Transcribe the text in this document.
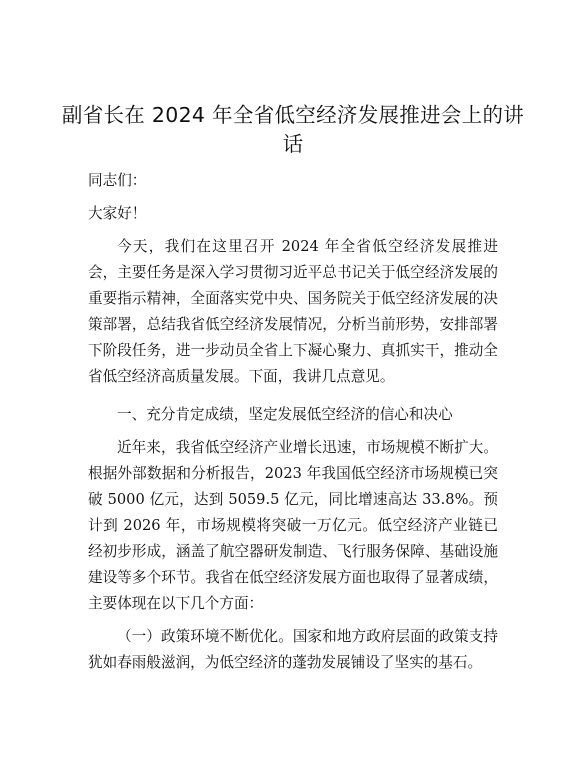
副省长在 2024 年全省低空经济发展推进会上的讲话

同志们：

大家好！

今天，我们在这里召开 2024 年全省低空经济发展推进会，主要任务是深入学习贯彻习近平总书记关于低空经济发展的重要指示精神，全面落实党中央、国务院关于低空经济发展的决策部署，总结我省低空经济发展情况，分析当前形势，安排部署下阶段任务，进一步动员全省上下凝心聚力、真抓实干，推动全省低空经济高质量发展。下面，我讲几点意见。

一、充分肯定成绩，坚定发展低空经济的信心和决心

近年来，我省低空经济产业增长迅速，市场规模不断扩大。根据外部数据和分析报告，2023 年我国低空经济市场规模已突破 5000 亿元，达到 5059.5 亿元，同比增速高达 33.8%。预计到 2026 年，市场规模将突破一万亿元。低空经济产业链已经初步形成，涵盖了航空器研发制造、飞行服务保障、基础设施建设等多个环节。我省在低空经济发展方面也取得了显著成绩，主要体现在以下几个方面：

（一）政策环境不断优化。国家和地方政府层面的政策支持犹如春雨般滋润，为低空经济的蓬勃发展铺设了坚实的基石。
